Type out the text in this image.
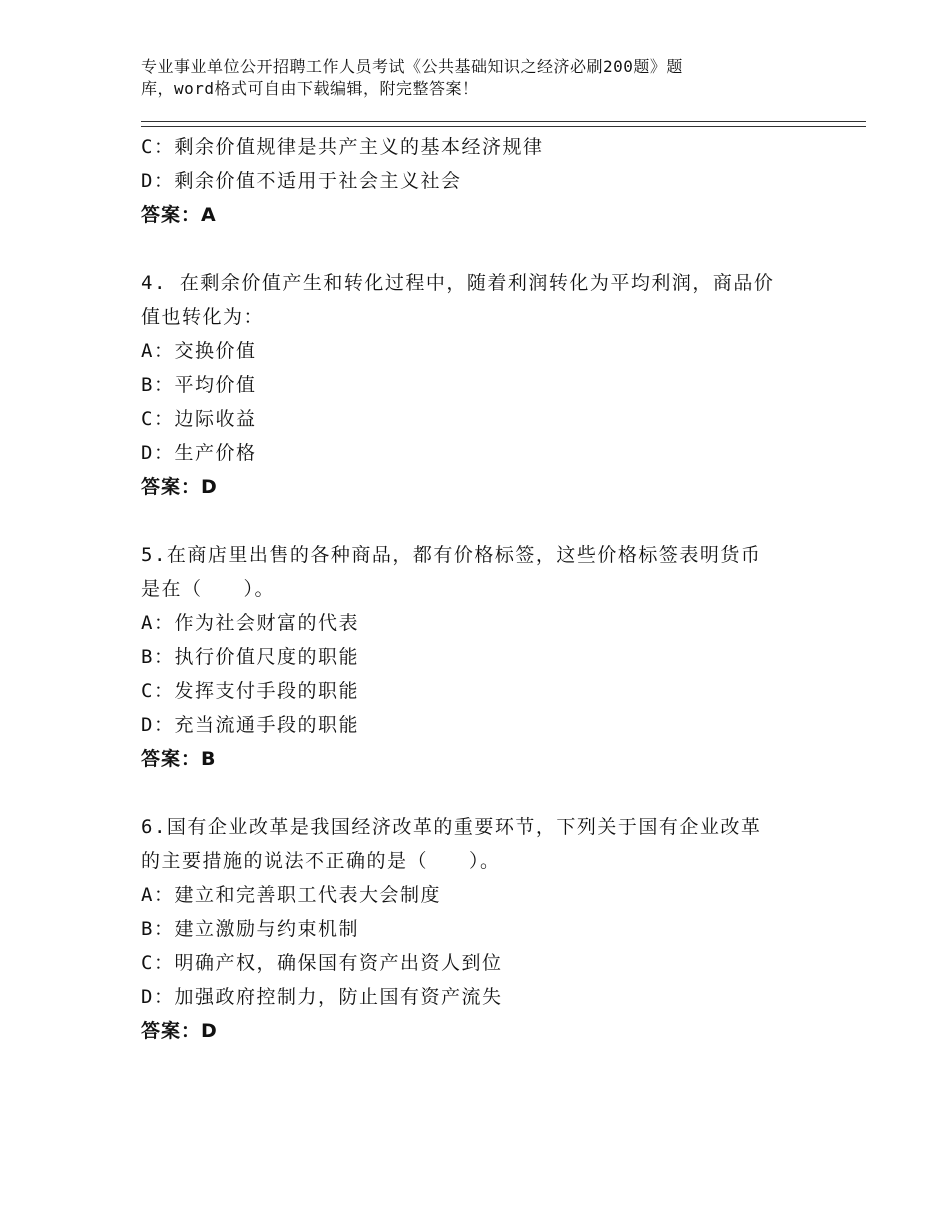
专业事业单位公开招聘工作人员考试《公共基础知识之经济必刷200题》题
库，word格式可自由下载编辑，附完整答案！
C：剩余价值规律是共产主义的基本经济规律
D：剩余价值不适用于社会主义社会
答案：A
4. 在剩余价值产生和转化过程中，随着利润转化为平均利润，商品价
值也转化为：
A：交换价值
B：平均价值
C：边际收益
D：生产价格
答案：D
5.在商店里出售的各种商品，都有价格标签，这些价格标签表明货币
是在（　　）。
A：作为社会财富的代表
B：执行价值尺度的职能
C：发挥支付手段的职能
D：充当流通手段的职能
答案：B
6.国有企业改革是我国经济改革的重要环节，下列关于国有企业改革
的主要措施的说法不正确的是（　　）。
A：建立和完善职工代表大会制度
B：建立激励与约束机制
C：明确产权，确保国有资产出资人到位
D：加强政府控制力，防止国有资产流失
答案：D
